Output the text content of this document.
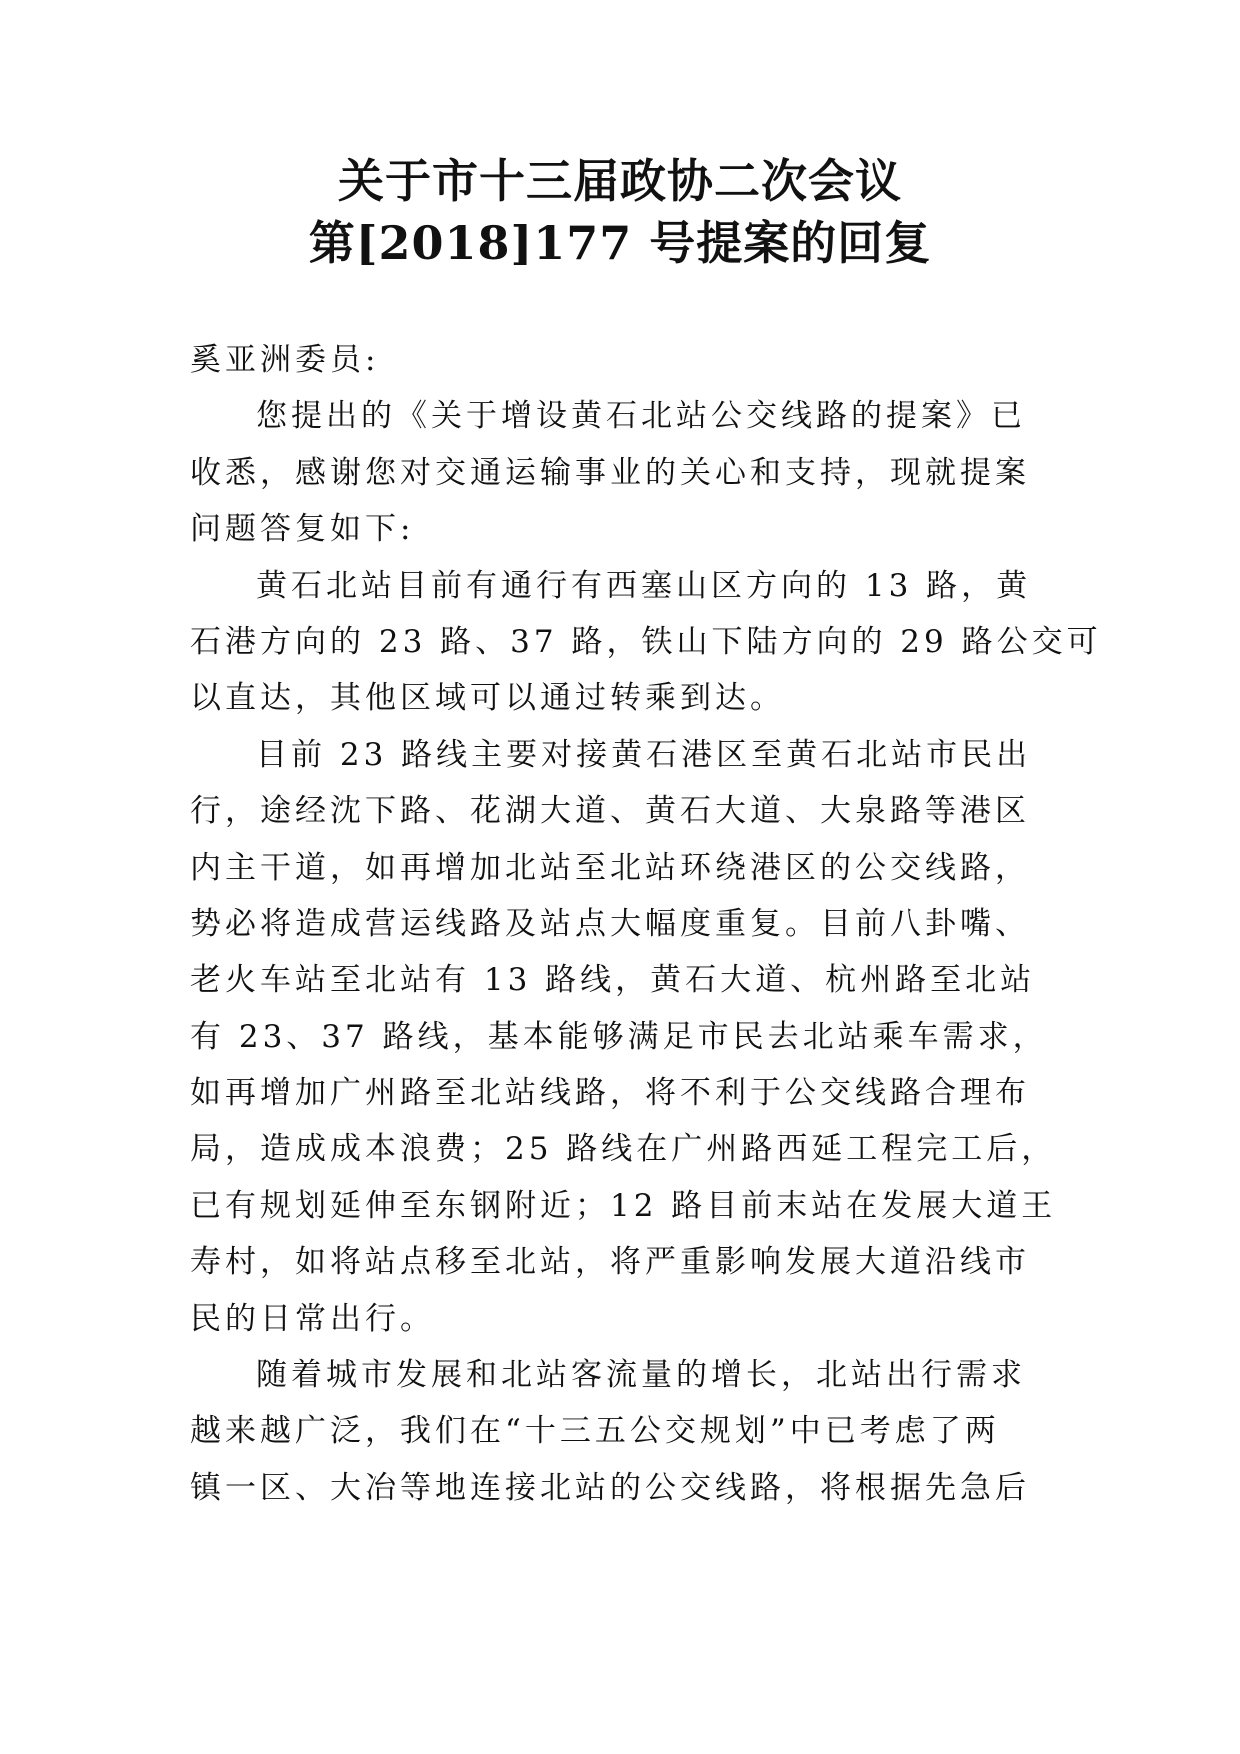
关于市十三届政协二次会议
第[2018]177 号提案的回复
奚亚洲委员:
您提出的《关于增设黄石北站公交线路的提案》已
收悉，感谢您对交通运输事业的关心和支持，现就提案
问题答复如下:
黄石北站目前有通行有西塞山区方向的 13 路，黄
石港方向的 23 路、37 路，铁山下陆方向的 29 路公交可
以直达，其他区域可以通过转乘到达。
目前 23 路线主要对接黄石港区至黄石北站市民出
行，途经沈下路、花湖大道、黄石大道、大泉路等港区
内主干道，如再增加北站至北站环绕港区的公交线路，
势必将造成营运线路及站点大幅度重复。目前八卦嘴、
老火车站至北站有 13 路线，黄石大道、杭州路至北站
有 23、37 路线，基本能够满足市民去北站乘车需求，
如再增加广州路至北站线路，将不利于公交线路合理布
局，造成成本浪费；25 路线在广州路西延工程完工后，
已有规划延伸至东钢附近；12 路目前末站在发展大道王
寿村，如将站点移至北站，将严重影响发展大道沿线市
民的日常出行。
随着城市发展和北站客流量的增长，北站出行需求
越来越广泛，我们在“十三五公交规划”中已考虑了两
镇一区、大冶等地连接北站的公交线路，将根据先急后
